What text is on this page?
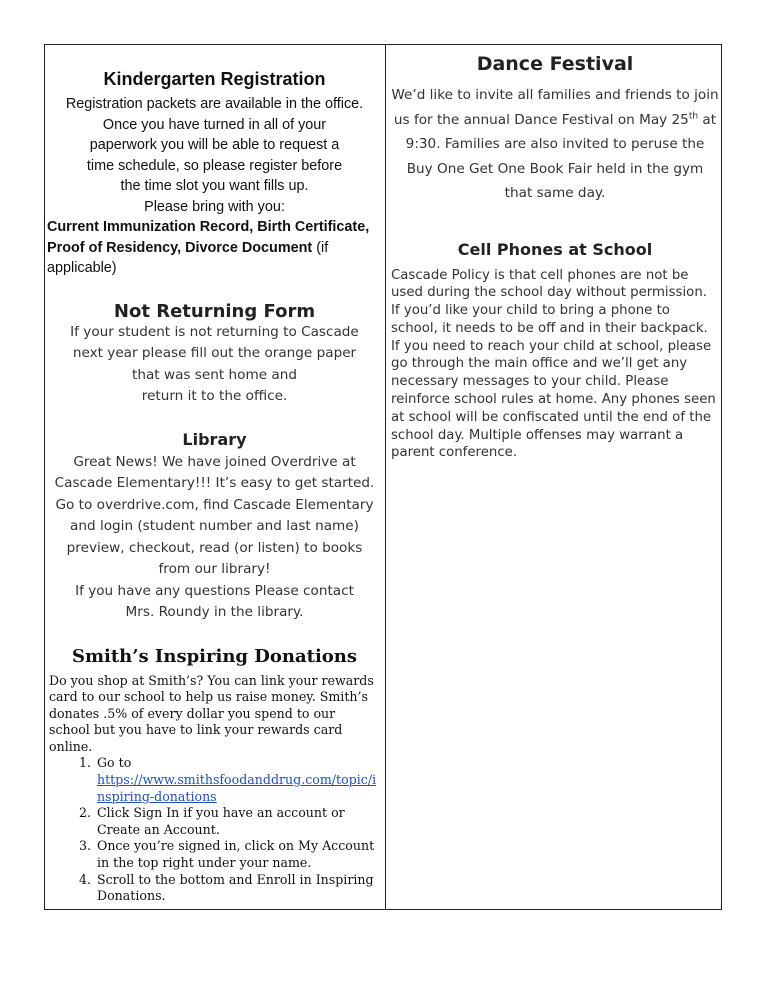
Kindergarten Registration

Registration packets are available in the office.

Once you have turned in all of your

paperwork you will be able to request a

time schedule, so please register before

the time slot you want fills up.

Please bring with you:

Current Immunization Record, Birth Certificate, Proof of Residency, Divorce Document (if applicable)

Not Returning Form

If your student is not returning to Cascade

next year please fill out the orange paper

that was sent home and

return it to the office.

Library

Great News! We have joined Overdrive at

Cascade Elementary!!! It’s easy to get started.

Go to overdrive.com, find Cascade Elementary

and login (student number and last name)

preview, checkout, read (or listen) to books

from our library!

If you have any questions Please contact

Mrs. Roundy in the library.

Smith’s Inspiring Donations

Do you shop at Smith’s? You can link your rewards card to our school to help us raise money. Smith’s donates .5% of every dollar you spend to our school but you have to link your rewards card online.

1. Go to
https://www.smithsfoodanddrug.com/topic/inspiring-donations
2. Click Sign In if you have an account or Create an Account.
3. Once you’re signed in, click on My Account in the top right under your name.
4. Scroll to the bottom and Enroll in Inspiring Donations.
Dance Festival

We’d like to invite all families and friends to join us for the annual Dance Festival on May 25th at 9:30. Families are also invited to peruse the Buy One Get One Book Fair held in the gym that same day.

Cell Phones at School

Cascade Policy is that cell phones are not be used during the school day without permission. If you’d like your child to bring a phone to school, it needs to be off and in their backpack. If you need to reach your child at school, please go through the main office and we’ll get any necessary messages to your child. Please reinforce school rules at home. Any phones seen at school will be confiscated until the end of the school day. Multiple offenses may warrant a parent conference.
